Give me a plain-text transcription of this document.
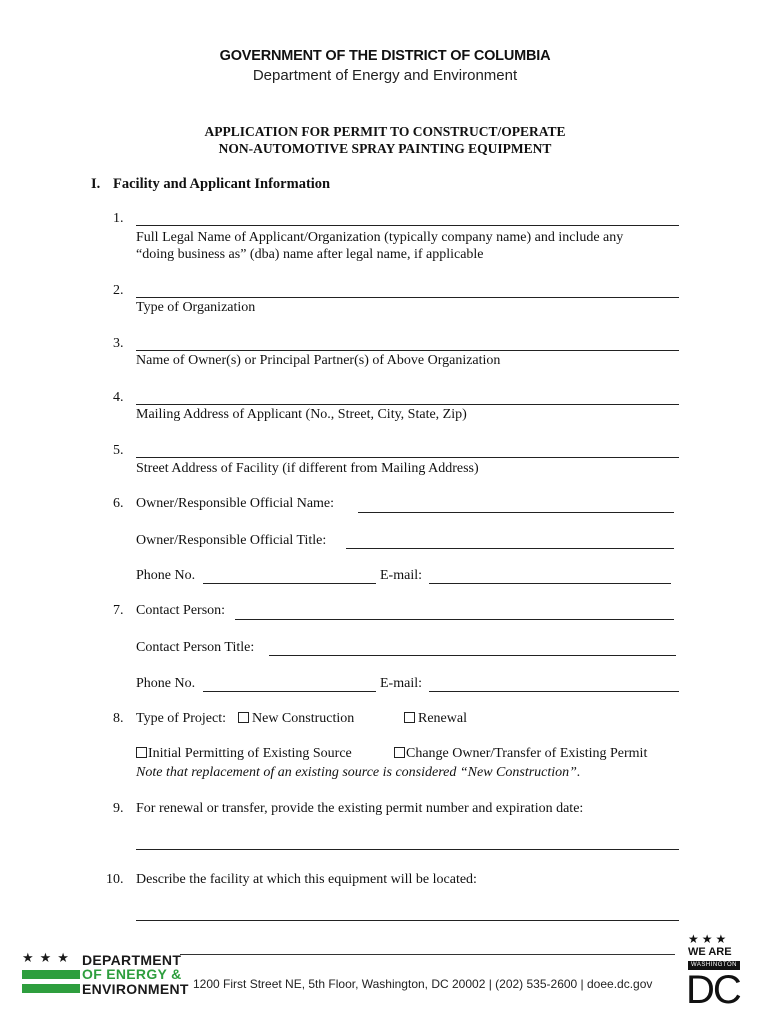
GOVERNMENT OF THE DISTRICT OF COLUMBIA
Department of Energy and Environment
APPLICATION FOR PERMIT TO CONSTRUCT/OPERATE
NON-AUTOMOTIVE SPRAY PAINTING EQUIPMENT
I. Facility and Applicant Information
1.
Full Legal Name of Applicant/Organization (typically company name) and include any
“doing business as” (dba) name after legal name, if applicable
2.
Type of Organization
3.
Name of Owner(s) or Principal Partner(s) of Above Organization
4.
Mailing Address of Applicant (No., Street, City, State, Zip)
5.
Street Address of Facility (if different from Mailing Address)
6. Owner/Responsible Official Name:
Owner/Responsible Official Title:
Phone No.	E-mail:
7. Contact Person:
Contact Person Title:
Phone No.	E-mail:
8. Type of Project:	New Construction	Renewal
Initial Permitting of Existing Source	Change Owner/Transfer of Existing Permit
Note that replacement of an existing source is considered “New Construction”.
9. For renewal or transfer, provide the existing permit number and expiration date:
10. Describe the facility at which this equipment will be located:
★★★ DEPARTMENT
OF ENERGY &
ENVIRONMENT 1200 First Street NE, 5th Floor, Washington, DC 20002 | (202) 535-2600 | doee.dc.gov
★★★
WE ARE
WASHINGTON
DC
